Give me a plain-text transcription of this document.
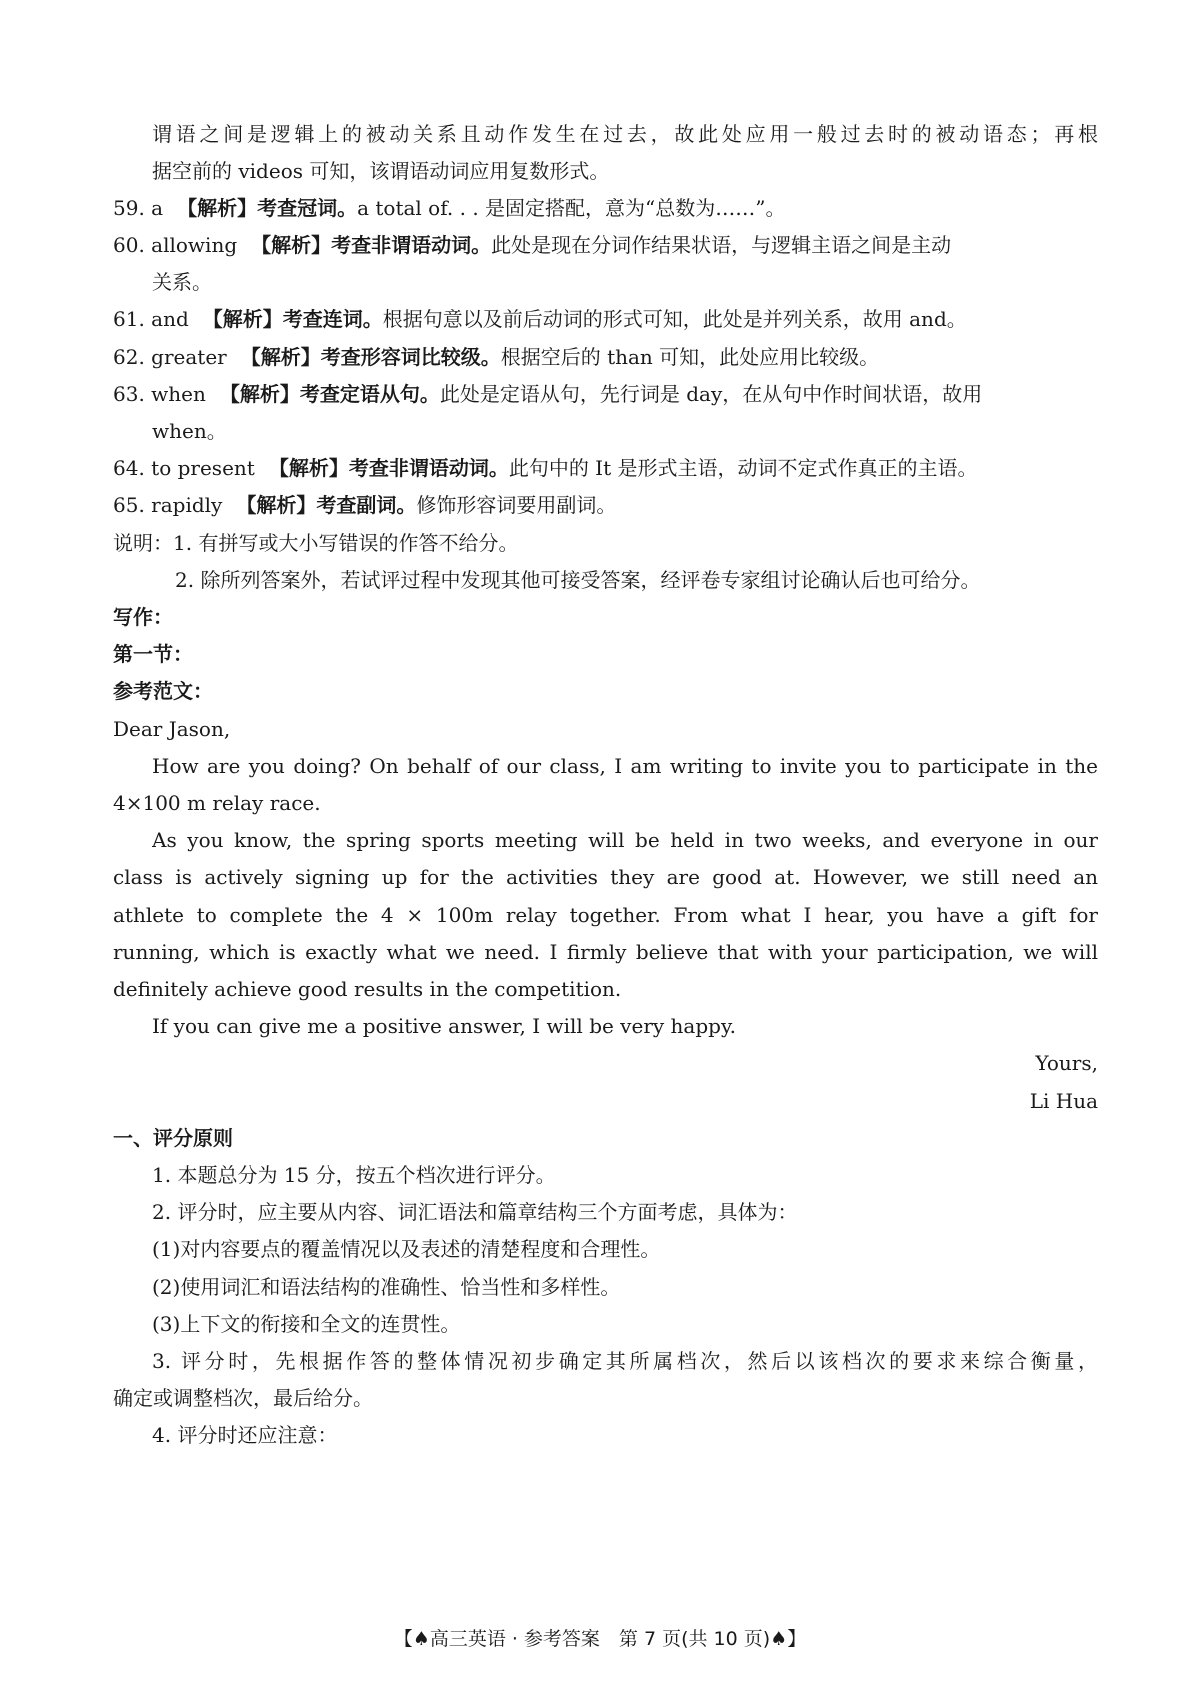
谓语之间是逻辑上的被动关系且动作发生在过去，故此处应用一般过去时的被动语态；再根
据空前的 videos 可知，该谓语动词应用复数形式。
59. a 【解析】考查冠词。a total of. . . 是固定搭配，意为“总数为……”。
60. allowing 【解析】考查非谓语动词。此处是现在分词作结果状语，与逻辑主语之间是主动
关系。
61. and 【解析】考查连词。根据句意以及前后动词的形式可知，此处是并列关系，故用 and。
62. greater 【解析】考查形容词比较级。根据空后的 than 可知，此处应用比较级。
63. when 【解析】考查定语从句。此处是定语从句，先行词是 day，在从句中作时间状语，故用
when。
64. to present 【解析】考查非谓语动词。此句中的 It 是形式主语，动词不定式作真正的主语。
65. rapidly 【解析】考查副词。修饰形容词要用副词。
说明：1. 有拼写或大小写错误的作答不给分。
2. 除所列答案外，若试评过程中发现其他可接受答案，经评卷专家组讨论确认后也可给分。
写作：
第一节：
参考范文：
Dear Jason,
How are you doing? On behalf of our class, I am writing to invite you to participate in the
4×100 m relay race.
As you know, the spring sports meeting will be held in two weeks, and everyone in our
class is actively signing up for the activities they are good at. However, we still need an
athlete to complete the 4 × 100m relay together. From what I hear, you have a gift for
running, which is exactly what we need. I firmly believe that with your participation, we will
definitely achieve good results in the competition.
If you can give me a positive answer, I will be very happy.
Yours,
Li Hua
一、评分原则
1. 本题总分为 15 分，按五个档次进行评分。
2. 评分时，应主要从内容、词汇语法和篇章结构三个方面考虑，具体为：
(1)对内容要点的覆盖情况以及表述的清楚程度和合理性。
(2)使用词汇和语法结构的准确性、恰当性和多样性。
(3)上下文的衔接和全文的连贯性。
3. 评分时，先根据作答的整体情况初步确定其所属档次，然后以该档次的要求来综合衡量，
确定或调整档次，最后给分。
4. 评分时还应注意：
【♠高三英语 · 参考答案　第 7 页(共 10 页)♠】
